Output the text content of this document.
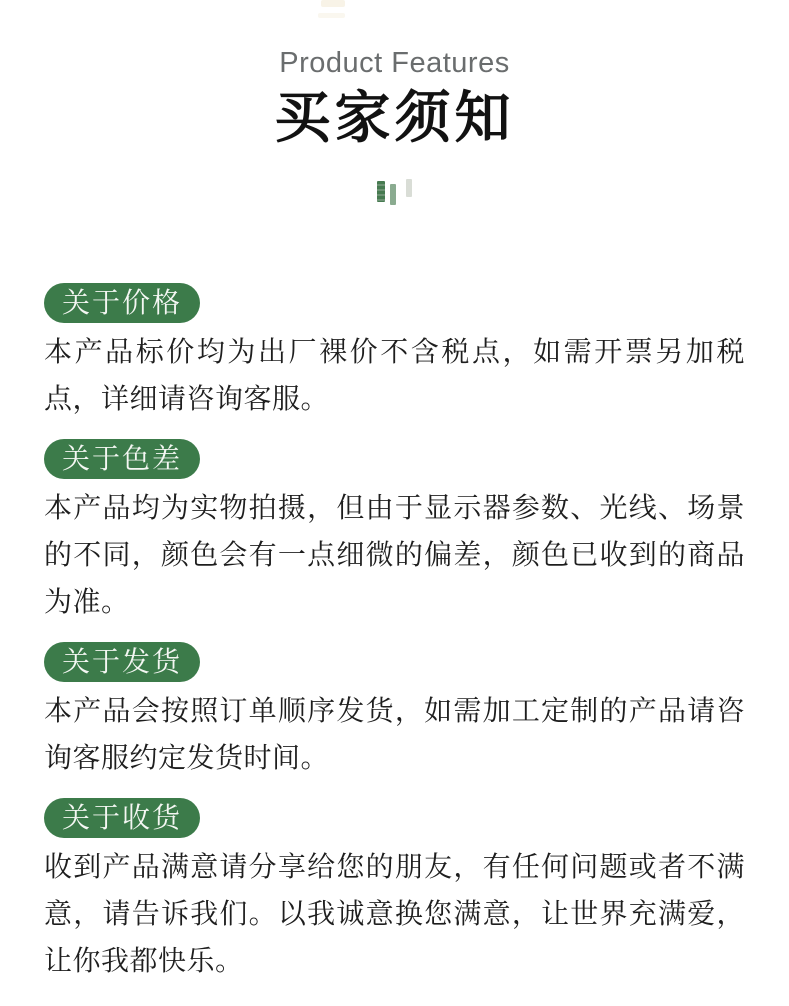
Product Features
买家须知
关于价格

本产品标价均为出厂裸价不含税点，如需开票另加税点，详细请咨询客服。

关于色差

本产品均为实物拍摄，但由于显示器参数、光线、场景的不同，颜色会有一点细微的偏差，颜色已收到的商品为准。

关于发货

本产品会按照订单顺序发货，如需加工定制的产品请咨询客服约定发货时间。

关于收货

收到产品满意请分享给您的朋友，有任何问题或者不满意，请告诉我们。以我诚意换您满意，让世界充满爱，让你我都快乐。
